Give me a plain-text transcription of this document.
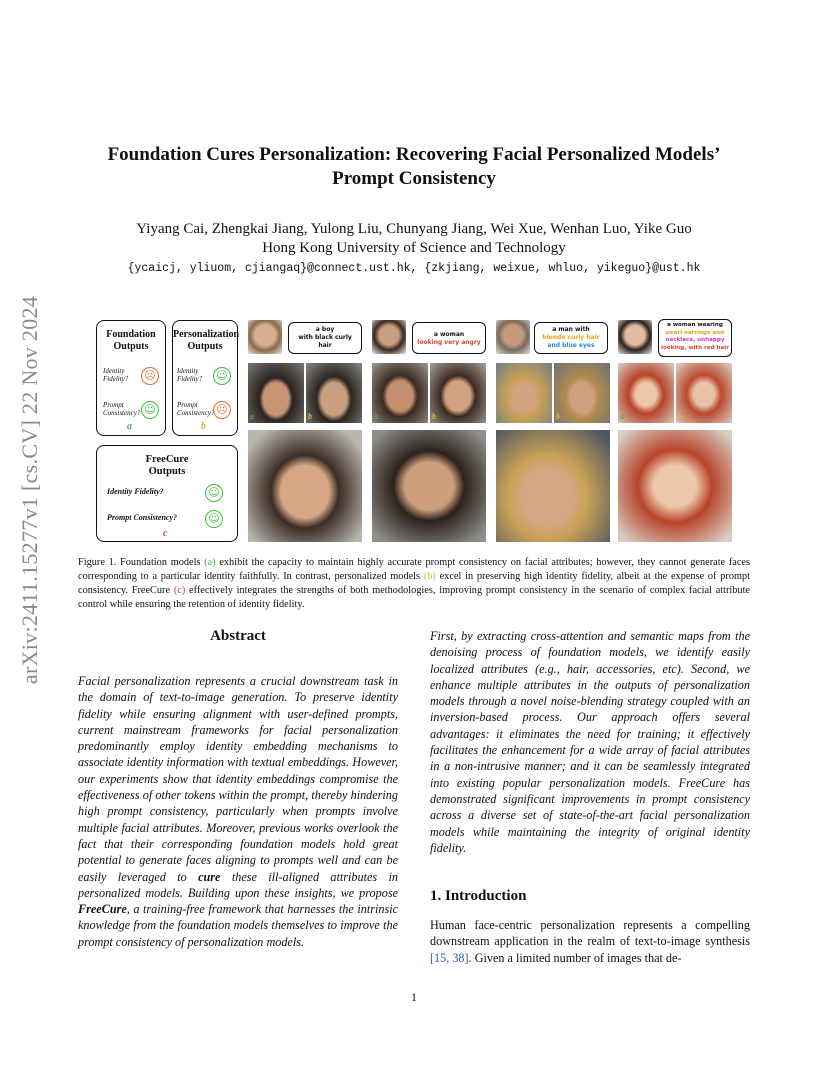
arXiv:2411.15277v1 [cs.CV] 22 Nov 2024
Foundation Cures Personalization: Recovering Facial Personalized Models’
Prompt Consistency
Yiyang Cai, Zhengkai Jiang, Yulong Liu, Chunyang Jiang, Wei Xue, Wenhan Luo, Yike Guo
Hong Kong University of Science and Technology
{ycaicj, yliuom, cjiangaq}@connect.ust.hk, {zkjiang, weixue, whluo, yikeguo}@ust.hk
Foundation
Outputs
Identity
Fidelity? ☹
Prompt
Consistency? ☺
a
Personalization
Outputs
Identity
Fidelity? ☺
Prompt
Consistency? ☹
b
FreeCure
Outputs
Identity Fidelity?	☺
Prompt Consistency?	☺
c
a boy
with black curly
hair
a	b
a woman
looking very angry
a	b
a man with
blonde curly hair
and blue eyes
a	b
a woman wearing
pearl earrings and
necklace, unhappy
looking, with red hair
a	b
Figure 1. Foundation models (a) exhibit the capacity to maintain highly accurate prompt consistency on facial attributes; however, they cannot generate faces corresponding to a particular identity faithfully. In contrast, personalized models (b) excel in preserving high identity fidelity, albeit at the expense of prompt consistency. FreeCure (c) effectively integrates the strengths of both methodologies, improving prompt consistency in the scenario of complex facial attribute control while ensuring the retention of identity fidelity.
Abstract
Facial personalization represents a crucial downstream task in the domain of text-to-image generation. To preserve identity fidelity while ensuring alignment with user-defined prompts, current mainstream frameworks for facial personalization predominantly employ identity embedding mechanisms to associate identity information with textual embeddings. However, our experiments show that identity embeddings compromise the effectiveness of other tokens within the prompt, thereby hindering high prompt consistency, particularly when prompts involve multiple facial attributes. Moreover, previous works overlook the fact that their corresponding foundation models hold great potential to generate faces aligning to prompts well and can be easily leveraged to cure these ill-aligned attributes in personalized models. Building upon these insights, we propose FreeCure, a training-free framework that harnesses the intrinsic knowledge from the foundation models themselves to improve the prompt consistency of personalization models.
First, by extracting cross-attention and semantic maps from the denoising process of foundation models, we identify easily localized attributes (e.g., hair, accessories, etc). Second, we enhance multiple attributes in the outputs of personalization models through a novel noise-blending strategy coupled with an inversion-based process. Our approach offers several advantages: it eliminates the need for training; it effectively facilitates the enhancement for a wide array of facial attributes in a non-intrusive manner; and it can be seamlessly integrated into existing popular personalization models. FreeCure has demonstrated significant improvements in prompt consistency across a diverse set of state-of-the-art facial personalization models while maintaining the integrity of original identity fidelity.
1. Introduction
Human face-centric personalization represents a compelling downstream application in the realm of text-to-image synthesis [15, 38]. Given a limited number of images that de-
1
